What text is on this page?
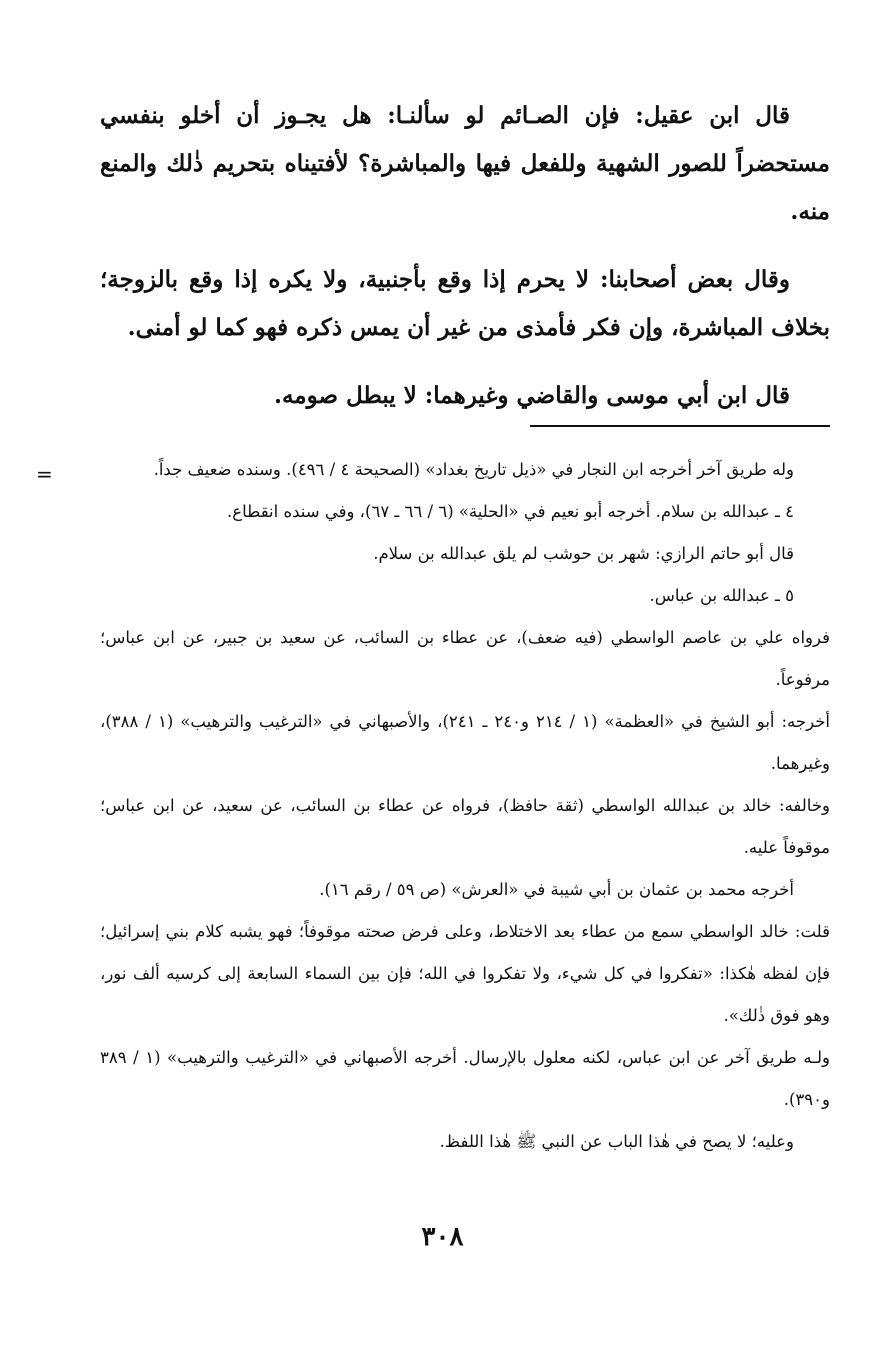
قال ابن عقيل: فإن الصـائم لو سألنـا: هل يجـوز أن أخلو بنفسي مستحضراً للصور الشهية وللفعل فيها والمباشرة؟ لأفتيناه بتحريم ذٰلك والمنع منه.

وقال بعض أصحابنا: لا يحرم إذا وقع بأجنبية، ولا يكره إذا وقع بالزوجة؛ بخلاف المباشرة، وإن فكر فأمذى من غير أن يمس ذكره فهو كما لو أمنى.

قال ابن أبي موسى والقاضي وغيرهما: لا يبطل صومه.

=	وله طريق آخر أخرجه ابن النجار في «ذيل تاريخ بغداد» (الصحيحة ٤ / ٤٩٦). وسنده ضعيف جداً.

٤ ـ عبدالله بن سلام. أخرجه أبو نعيم في «الحلية» (٦ / ٦٦ ـ ٦٧)، وفي سنده انقطاع.

قال أبو حاتم الرازي: شهر بن حوشب لم يلق عبدالله بن سلام.

٥ ـ عبدالله بن عباس.

فرواه علي بن عاصم الواسطي (فيه ضعف)، عن عطاء بن السائب، عن سعيد بن جبير، عن ابن عباس؛ مرفوعاً.

أخرجه: أبو الشيخ في «العظمة» (١ / ٢١٤ و٢٤٠ ـ ٢٤١)، والأصبهاني في «الترغيب والترهيب» (١ / ٣٨٨)، وغيرهما.

وخالفه: خالد بن عبدالله الواسطي (ثقة حافظ)، فرواه عن عطاء بن السائب، عن سعيد، عن ابن عباس؛ موقوفاً عليه.

أخرجه محمد بن عثمان بن أبي شيبة في «العرش» (ص ٥٩ / رقم ١٦).

قلت: خالد الواسطي سمع من عطاء بعد الاختلاط، وعلى فرض صحته موقوفاً؛ فهو يشبه كلام بني إسرائيل؛ فإن لفظه هٰكذا: «تفكروا في كل شيء، ولا تفكروا في الله؛ فإن بين السماء السابعة إلى كرسيه ألف نور، وهو فوق ذٰلك».

ولـه طريق آخر عن ابن عباس، لكنه معلول بالإرسال. أخرجه الأصبهاني في «الترغيب والترهيب» (١ / ٣٨٩ و٣٩٠).

وعليه؛ لا يصح في هٰذا الباب عن النبي ﷺ هٰذا اللفظ.

٣٠٨
